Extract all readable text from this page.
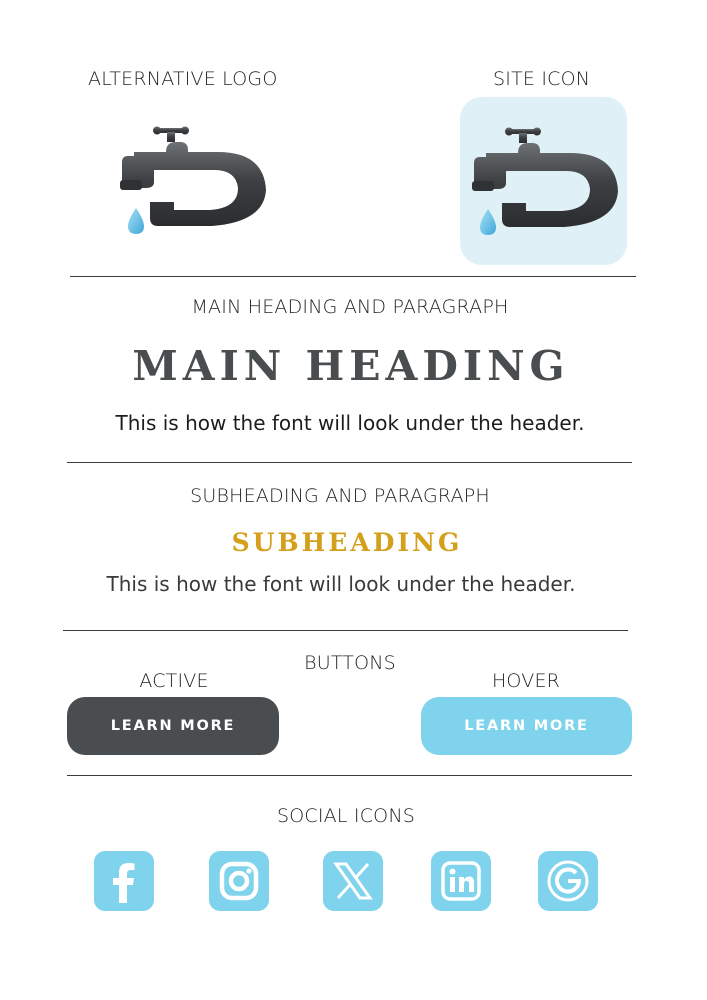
ALTERNATIVE LOGO	SITE ICON
MAIN HEADING AND PARAGRAPH
MAIN HEADING
This is how the font will look under the header.
SUBHEADING AND PARAGRAPH
SUBHEADING
This is how the font will look under the header.
BUTTONS
ACTIVE	HOVER
LEARN MORE	LEARN MORE
SOCIAL ICONS
